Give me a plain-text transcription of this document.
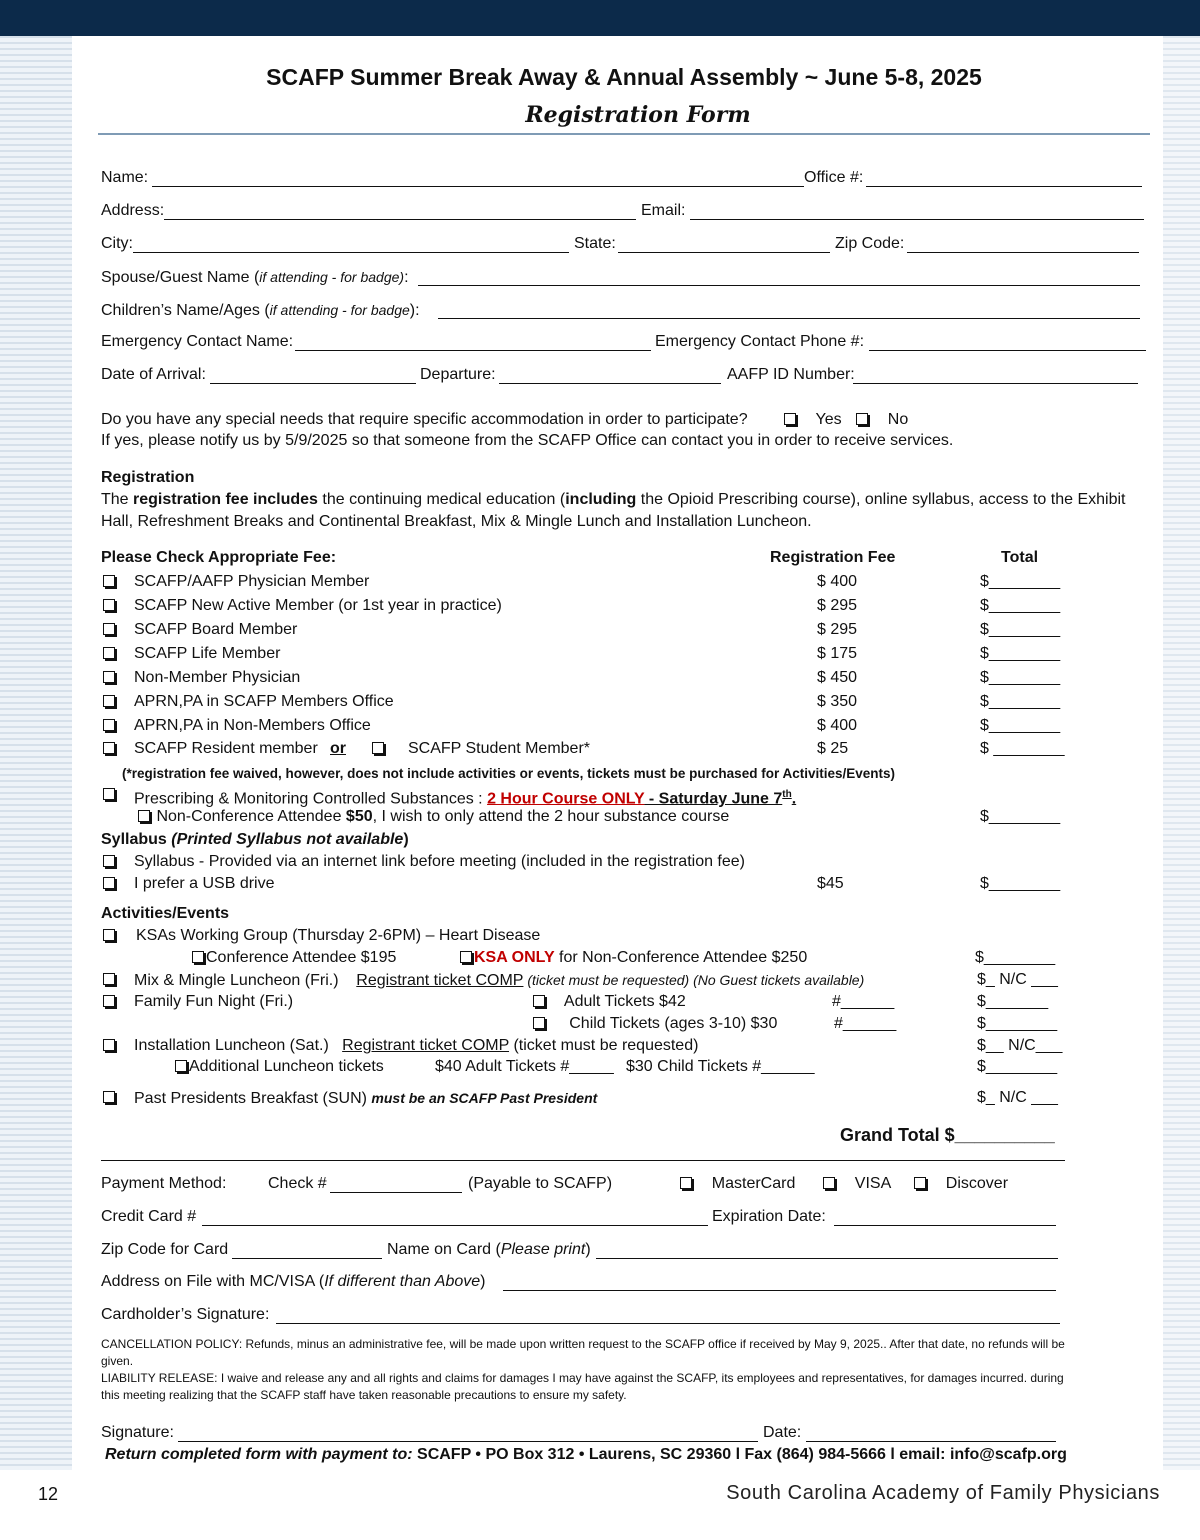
SCAFP Summer Break Away & Annual Assembly ~ June 5-8, 2025
Registration Form
Name:	Office #:
Address:	Email:
City:	State:	Zip Code:
Spouse/Guest Name (if attending - for badge):
Children’s Name/Ages (if attending - for badge):
Emergency Contact Name:	Emergency Contact Phone #:
Date of Arrival:	Departure:	AAFP ID Number:
Do you have any special needs that require specific accommodation in order to participate?	Yes	No
If yes, please notify us by 5/9/2025 so that someone from the SCAFP Office can contact you in order to receive services.
Registration
The registration fee includes the continuing medical education (including the Opioid Prescribing course), online syllabus, access to the Exhibit
Hall, Refreshment Breaks and Continental Breakfast, Mix & Mingle Lunch and Installation Luncheon.
Please Check Appropriate Fee:	Registration Fee	Total
SCAFP/AAFP Physician Member	$ 400	$________
SCAFP New Active Member (or 1st year in practice)	$ 295	$________
SCAFP Board Member	$ 295	$________
SCAFP Life Member	$ 175	$________
Non-Member Physician	$ 450	$________
APRN,PA in SCAFP Members Office	$ 350	$________
APRN,PA in Non-Members Office	$ 400	$________
SCAFP Resident member or	SCAFP Student Member*	$ 25	$ ________
(*registration fee waived, however, does not include activities or events, tickets must be purchased for Activities/Events)
Prescribing & Monitoring Controlled Substances : 2 Hour Course ONLY - Saturday June 7th.
Non-Conference Attendee $50, I wish to only attend the 2 hour substance course	$________
Syllabus (Printed Syllabus not available)
Syllabus - Provided via an internet link before meeting (included in the registration fee)
I prefer a USB drive	$45	$________
Activities/Events
KSAs Working Group (Thursday 2-6PM) – Heart Disease
Conference Attendee $195	KSA ONLY for Non-Conference Attendee $250	$________
Mix & Mingle Luncheon (Fri.) Registrant ticket COMP (ticket must be requested) (No Guest tickets available)	$_ N/C ___
Family Fun Night (Fri.)	Adult Tickets $42	#______	$_______
Child Tickets (ages 3-10) $30	#______	$________
Installation Luncheon (Sat.) Registrant ticket COMP (ticket must be requested)	$__ N/C___
Additional Luncheon tickets	$40 Adult Tickets #_____ $30 Child Tickets #______	$________
Past Presidents Breakfast (SUN) must be an SCAFP Past President	$_ N/C ___
Grand Total $__________
Payment Method:	Check #	(Payable to SCAFP)	MasterCard	VISA	Discover
Credit Card #	Expiration Date:
Zip Code for Card	Name on Card (Please print)
Address on File with MC/VISA (If different than Above)
Cardholder’s Signature:
CANCELLATION POLICY: Refunds, minus an administrative fee, will be made upon written request to the SCAFP office if received by May 9, 2025.. After that date, no refunds will be given.
LIABILITY RELEASE: I waive and release any and all rights and claims for damages I may have against the SCAFP, its employees and representatives, for damages incurred. during this meeting realizing that the SCAFP staff have taken reasonable precautions to ensure my safety.
Signature:	Date:
Return completed form with payment to: SCAFP • PO Box 312 • Laurens, SC 29360 l Fax (864) 984-5666 l email: info@scafp.org
12	South Carolina Academy of Family Physicians
